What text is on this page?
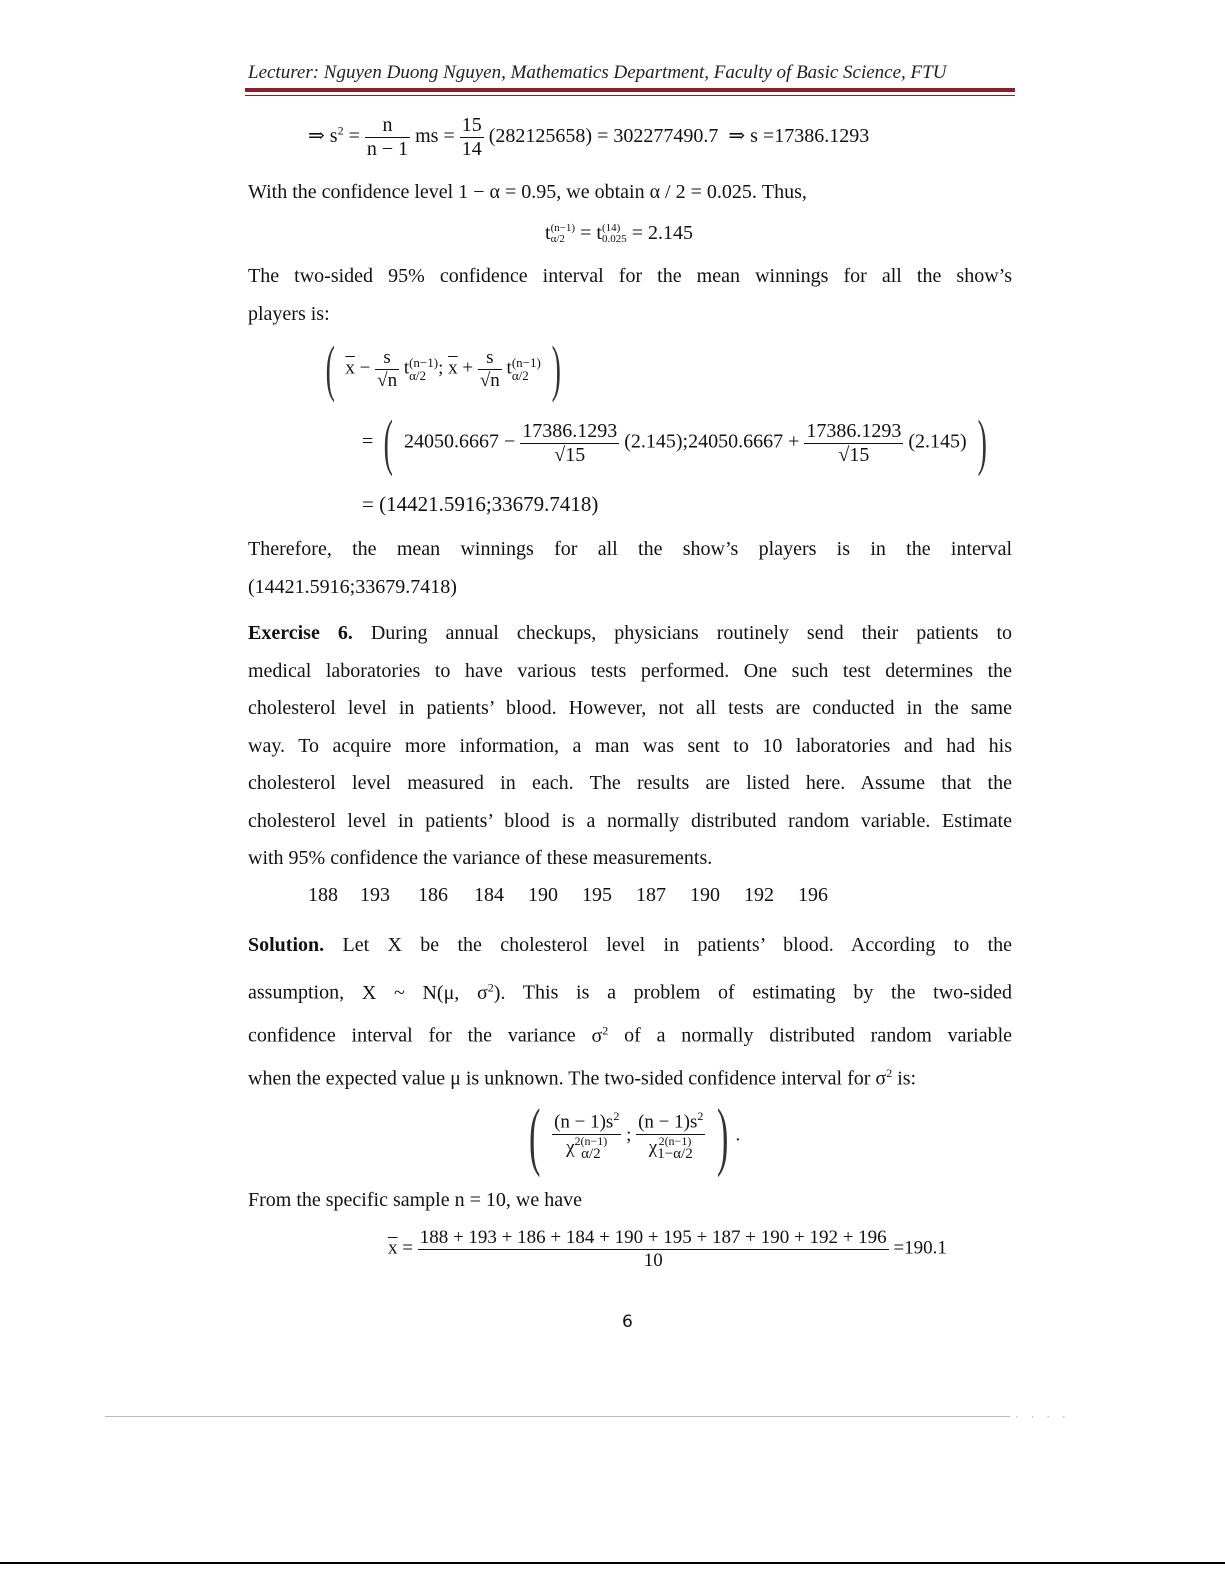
Lecturer: Nguyen Duong Nguyen, Mathematics Department, Faculty of Basic Science, FTU
⇒ $s^2 = \frac{n}{n - 1}$ ms = $\frac{15}{14} (282125658) = 302277490.7$ ⇒ s =17386.1293
With the confidence level 1 − α = 0.95, we obtain α / 2 = 0.025. Thus,
t (n−1)
α/2 = t (14)
0.025 = 2.145
The two-sided 95% confidence interval for the mean winnings for all the show’s
players is:
( $\overline{x} - \frac{s}{√n}$ t (n−1)
α/2 ; $\overline{x} + \frac{s}{√n}$ t (n−1)
α/2 )
= ( $24050.6667 - \frac{17386.1293}{√15}$ (2.145);24050.6667 + $\frac{17386.1293}{√15} (2.145)$ )
= (14421.5916;33679.7418)
Therefore, the mean winnings for all the show’s players is in the interval
(14421.5916;33679.7418)
Exercise 6. During annual checkups, physicians routinely send their patients to
medical laboratories to have various tests performed. One such test determines the
cholesterol level in patients’ blood. However, not all tests are conducted in the same
way. To acquire more information, a man was sent to 10 laboratories and had his
cholesterol level measured in each. The results are listed here. Assume that the
cholesterol level in patients’ blood is a normally distributed random variable. Estimate
with 95% confidence the variance of these measurements.
188 193 186 184 190 195 187 190 192 196
Solution. Let X be the cholesterol level in patients’ blood. According to the
assumption, X ~ N(μ, $\sigma^2$). This is a problem of estimating by the two-sided
confidence interval for the variance $\sigma^2$ of a normally distributed random variable
when the expected value μ is unknown. The two-sided confidence interval for $\sigma^2$ is:
( $(n - 1)s^2$
χ 2(n−1)
α/2 ; $(n - 1)s^2$
χ 2(n−1)
1−α/2 ) .
From the specific sample n = 10, we have
$\overline{x} = \frac{188 + 193 + 186 + 184 + 190 + 195 + 187 + 190 + 192 + 196}{10} =190.1$
6
· · · ·
